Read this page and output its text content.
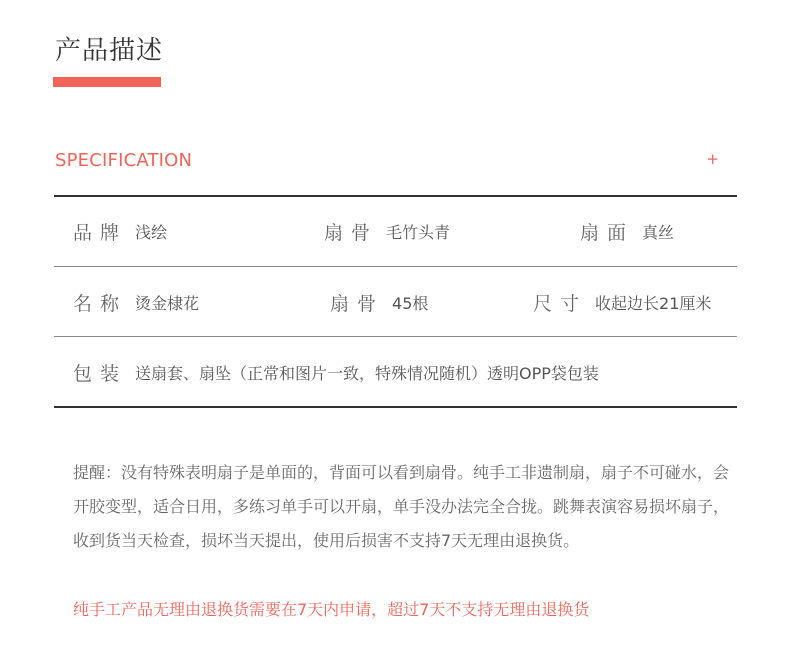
产品描述
SPECIFICATION	+
品牌 浅绘	扇骨 毛竹头青	扇面 真丝
名称 烫金棣花	扇骨 45根	尺寸 收起边长21厘米
包装 送扇套、扇坠（正常和图片一致，特殊情况随机）透明OPP袋包装
提醒：没有特殊表明扇子是单面的，背面可以看到扇骨。纯手工非遗制扇，扇子不可碰水，会开胶变型，适合日用，多练习单手可以开扇，单手没办法完全合拢。跳舞表演容易损坏扇子，收到货当天检查，损坏当天提出，使用后损害不支持7天无理由退换货。
纯手工产品无理由退换货需要在7天内申请，超过7天不支持无理由退换货
